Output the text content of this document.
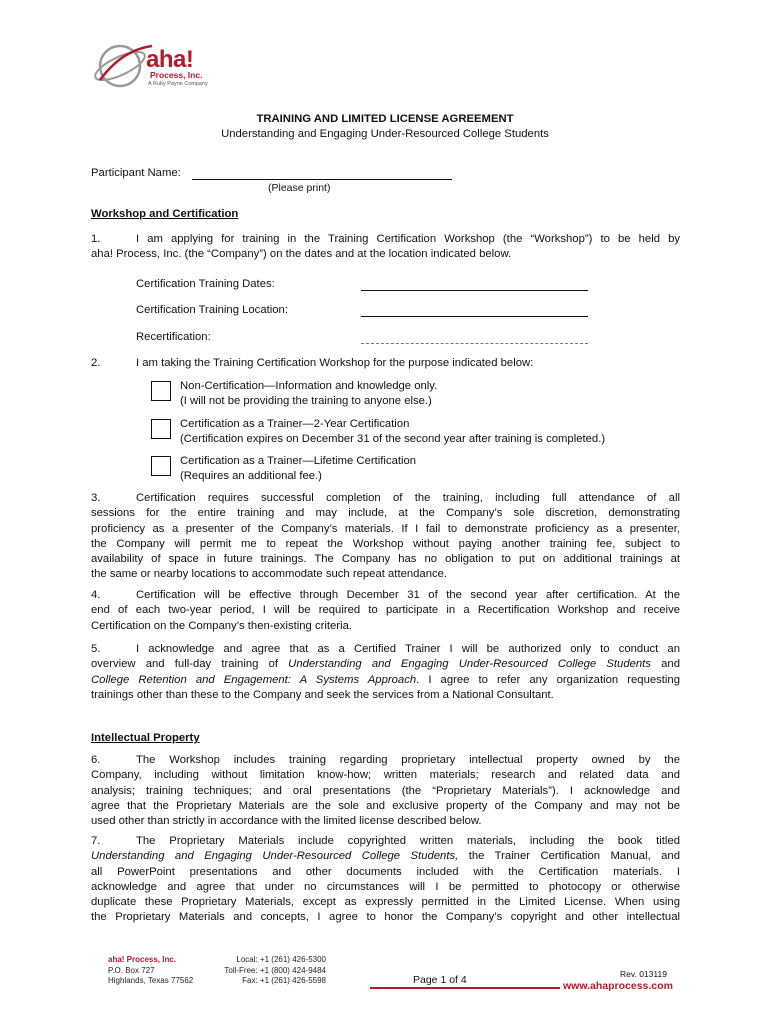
aha!
Process, Inc.
A Ruby Payne Company
TRAINING AND LIMITED LICENSE AGREEMENT
Understanding and Engaging Under-Resourced College Students
Participant Name:
(Please print)
Workshop and Certification
1.	I am applying for training in the Training Certification Workshop (the “Workshop”) to be held by
aha! Process, Inc. (the “Company”) on the dates and at the location indicated below.
Certification Training Dates:
Certification Training Location:
Recertification:
2.	I am taking the Training Certification Workshop for the purpose indicated below:
Non-Certification—Information and knowledge only.
(I will not be providing the training to anyone else.)
Certification as a Trainer—2-Year Certification
(Certification expires on December 31 of the second year after training is completed.)
Certification as a Trainer—Lifetime Certification
(Requires an additional fee.)
3.	Certification requires successful completion of the training, including full attendance of all
sessions for the entire training and may include, at the Company’s sole discretion, demonstrating
proficiency as a presenter of the Company’s materials. If I fail to demonstrate proficiency as a presenter,
the Company will permit me to repeat the Workshop without paying another training fee, subject to
availability of space in future trainings. The Company has no obligation to put on additional trainings at
the same or nearby locations to accommodate such repeat attendance.
4.	Certification will be effective through December 31 of the second year after certification. At the
end of each two-year period, I will be required to participate in a Recertification Workshop and receive
Certification on the Company’s then-existing criteria.
5.	I acknowledge and agree that as a Certified Trainer I will be authorized only to conduct an
overview and full-day training of Understanding and Engaging Under-Resourced College Students and
College Retention and Engagement: A Systems Approach. I agree to refer any organization requesting
trainings other than these to the Company and seek the services from a National Consultant.
Intellectual Property
6.	The Workshop includes training regarding proprietary intellectual property owned by the
Company, including without limitation know-how; written materials; research and related data and
analysis; training techniques; and oral presentations (the “Proprietary Materials”). I acknowledge and
agree that the Proprietary Materials are the sole and exclusive property of the Company and may not be
used other than strictly in accordance with the limited license described below.
7.	The Proprietary Materials include copyrighted written materials, including the book titled
Understanding and Engaging Under-Resourced College Students, the Trainer Certification Manual, and
all PowerPoint presentations and other documents included with the Certification materials. I
acknowledge and agree that under no circumstances will I be permitted to photocopy or otherwise
duplicate these Proprietary Materials, except as expressly permitted in the Limited License. When using
the Proprietary Materials and concepts, I agree to honor the Company’s copyright and other intellectual
aha! Process, Inc.
P.O. Box 727
Highlands, Texas 77562
Local: +1 (261) 426-5300
Toll-Free: +1 (800) 424-9484
Fax: +1 (261) 426-5598	Page 1 of 4	Rev. 013119
www.ahaprocess.com
